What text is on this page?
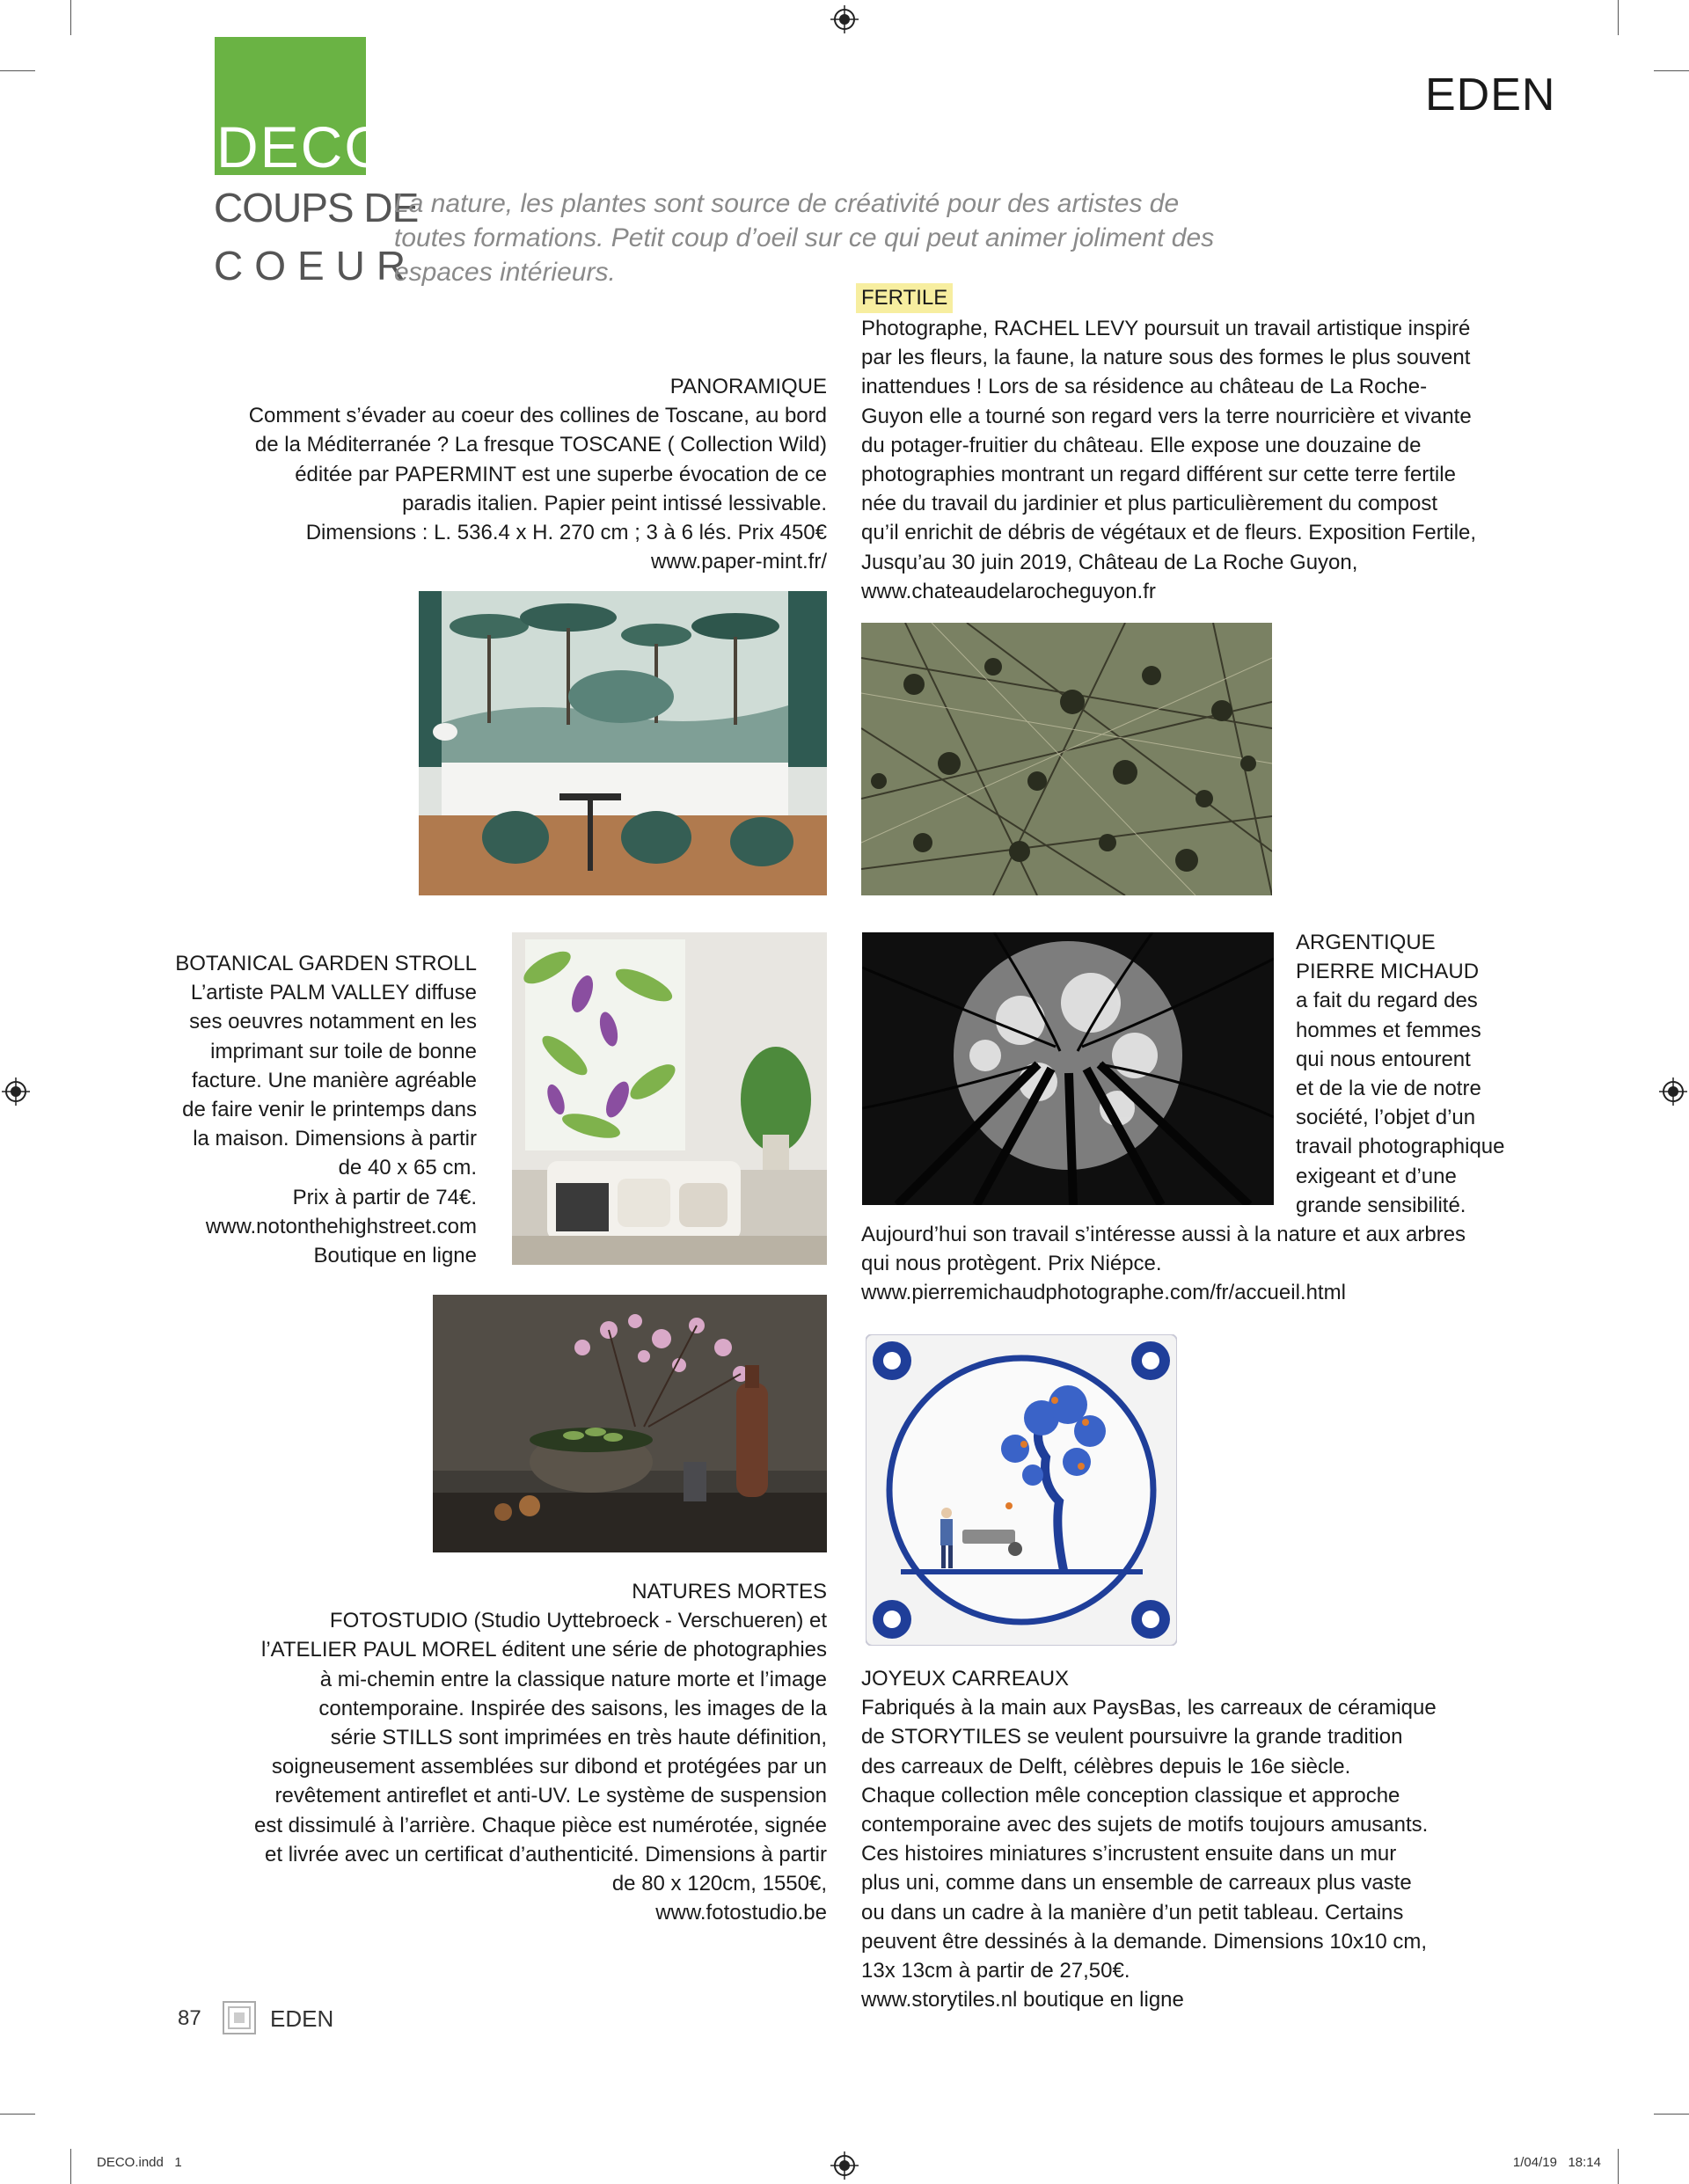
DECO
COUPS DE
COEUR
EDEN
La nature, les plantes sont source de créativité pour des artistes de toutes formations. Petit coup d’oeil sur ce qui peut animer joliment des espaces intérieurs.
FERTILE
Photographe, RACHEL LEVY poursuit un travail artistique inspiré
par les fleurs, la faune, la nature sous des formes le plus souvent
inattendues ! Lors de sa résidence au château de La Roche-
Guyon elle a tourné son regard vers la terre nourricière et vivante
du potager-fruitier du château. Elle expose une douzaine de
photographies montrant un regard différent sur cette terre fertile
née du travail du jardinier et plus particulièrement du compost
qu’il enrichit de débris de végétaux et de fleurs. Exposition Fertile,
Jusqu’au 30 juin 2019, Château de La Roche Guyon,
www.chateaudelarocheguyon.fr
PANORAMIQUE
Comment s’évader au coeur des collines de Toscane, au bord
de la Méditerranée ? La fresque TOSCANE ( Collection Wild)
éditée par PAPERMINT est une superbe évocation de ce
paradis italien. Papier peint intissé lessivable.
Dimensions : L. 536.4 x H. 270 cm ; 3 à 6 lés. Prix 450€
www.paper-mint.fr/
BOTANICAL GARDEN STROLL
L’artiste PALM VALLEY diffuse
ses oeuvres notamment en les
imprimant sur toile de bonne
facture. Une manière agréable
de faire venir le printemps dans
la maison. Dimensions à partir
de 40 x 65 cm.
Prix à partir de 74€.
www.notonthehighstreet.com
Boutique en ligne
ARGENTIQUE
PIERRE MICHAUD
a fait du regard des
hommes et femmes
qui nous entourent
et de la vie de notre
société, l’objet d’un
travail photographique
exigeant et d’une
grande sensibilité.
Aujourd’hui son travail s’intéresse aussi à la nature et aux arbres
qui nous protègent. Prix Niépce.
www.pierremichaudphotographe.com/fr/accueil.html
NATURES MORTES
FOTOSTUDIO (Studio Uyttebroeck - Verschueren) et
l’ATELIER PAUL MOREL éditent une série de photographies
à mi-chemin entre la classique nature morte et l’image
contemporaine. Inspirée des saisons, les images de la
série STILLS sont imprimées en très haute définition,
soigneusement assemblées sur dibond et protégées par un
revêtement antireflet et anti-UV. Le système de suspension
est dissimulé à l’arrière. Chaque pièce est numérotée, signée
et livrée avec un certificat d’authenticité. Dimensions à partir
de 80 x 120cm, 1550€,
www.fotostudio.be
JOYEUX CARREAUX
Fabriqués à la main aux PaysBas, les carreaux de céramique
de STORYTILES se veulent poursuivre la grande tradition
des carreaux de Delft, célèbres depuis le 16e siècle.
Chaque collection mêle conception classique et approche
contemporaine avec des sujets de motifs toujours amusants.
Ces histoires miniatures s’incrustent ensuite dans un mur
plus uni, comme dans un ensemble de carreaux plus vaste
ou dans un cadre à la manière d’un petit tableau. Certains
peuvent être dessinés à la demande. Dimensions 10x10 cm,
13x 13cm à partir de 27,50€.
www.storytiles.nl boutique en ligne
87	EDEN
DECO.indd   1	1/04/19   18:14
